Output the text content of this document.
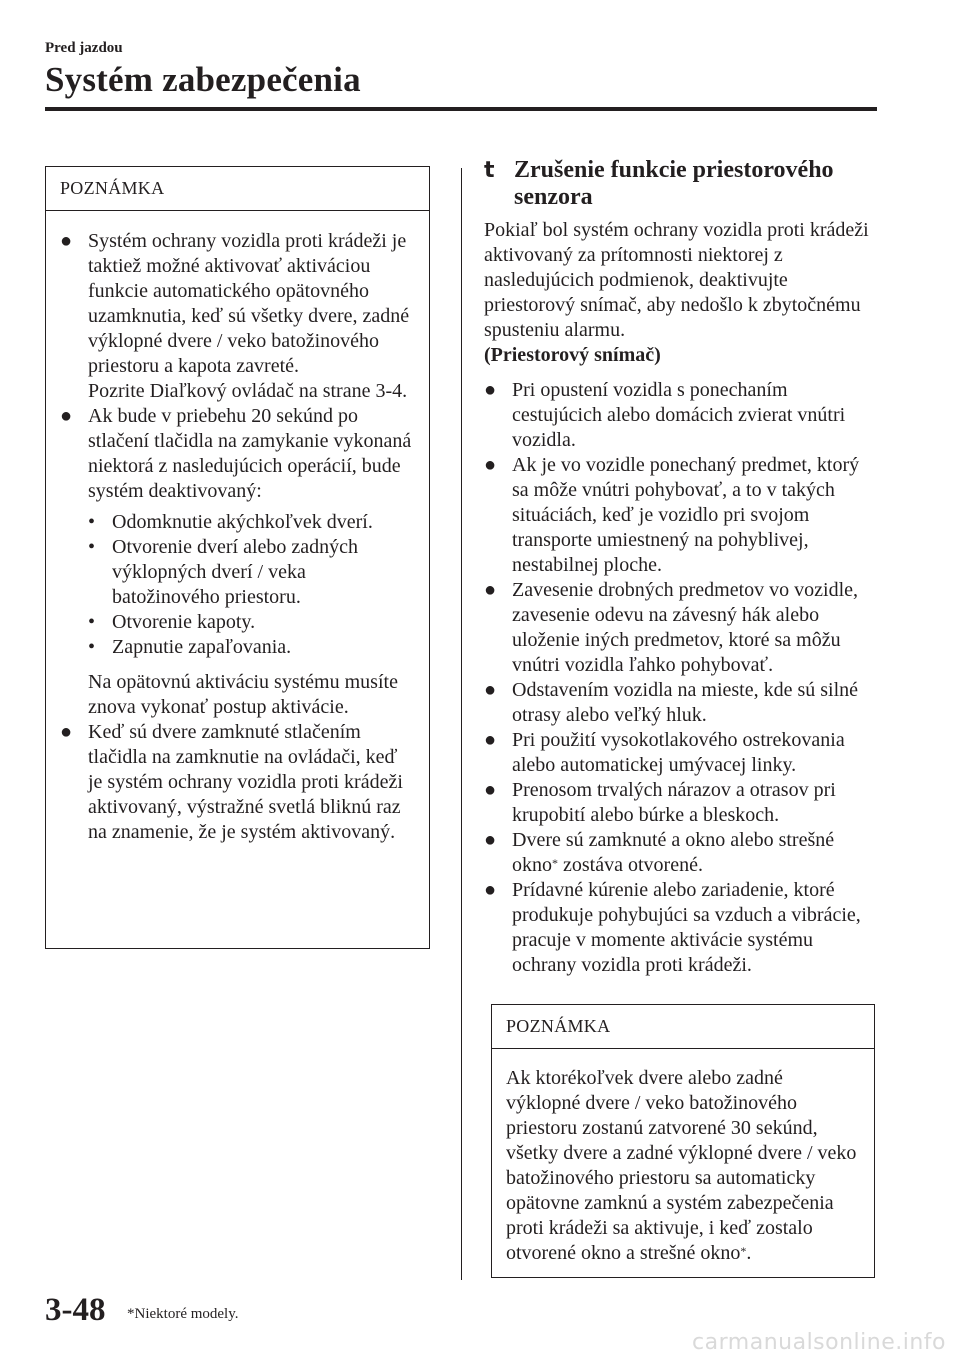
Pred jazdou
Systém zabezpečenia
POZNÁMKA
● Systém ochrany vozidla proti krádeži je taktiež možné aktivovať aktiváciou funkcie automatického opätovného uzamknutia, keď sú všetky dvere, zadné výklopné dvere / veko batožinového priestoru a kapota zavreté.
Pozrite Diaľkový ovládač na strane 3-4.
● Ak bude v priebehu 20 sekúnd po stlačení tlačidla na zamykanie vykonaná niektorá z nasledujúcich operácií, bude systém deaktivovaný:
• Odomknutie akýchkoľvek dverí.
• Otvorenie dverí alebo zadných výklopných dverí / veka batožinového priestoru.
• Otvorenie kapoty.
• Zapnutie zapaľovania.
Na opätovnú aktiváciu systému musíte znova vykonať postup aktivácie.
● Keď sú dvere zamknuté stlačením tlačidla na zamknutie na ovládači, keď je systém ochrany vozidla proti krádeži aktivovaný, výstražné svetlá bliknú raz na znamenie, že je systém aktivovaný.
t Zrušenie funkcie priestorového senzora
Pokiaľ bol systém ochrany vozidla proti krádeži aktivovaný za prítomnosti niektorej z nasledujúcich podmienok, deaktivujte priestorový snímač, aby nedošlo k zbytočnému spusteniu alarmu.
(Priestorový snímač)
● Pri opustení vozidla s ponechaním cestujúcich alebo domácich zvierat vnútri vozidla.
● Ak je vo vozidle ponechaný predmet, ktorý sa môže vnútri pohybovať, a to v takých situáciách, keď je vozidlo pri svojom transporte umiestnený na pohyblivej, nestabilnej ploche.
● Zavesenie drobných predmetov vo vozidle, zavesenie odevu na závesný hák alebo uloženie iných predmetov, ktoré sa môžu vnútri vozidla ľahko pohybovať.
● Odstavením vozidla na mieste, kde sú silné otrasy alebo veľký hluk.
● Pri použití vysokotlakového ostrekovania alebo automatickej umývacej linky.
● Prenosom trvalých nárazov a otrasov pri krupobití alebo búrke a bleskoch.
● Dvere sú zamknuté a okno alebo strešné okno* zostáva otvorené.
● Prídavné kúrenie alebo zariadenie, ktoré produkuje pohybujúci sa vzduch a vibrácie, pracuje v momente aktivácie systému ochrany vozidla proti krádeži.
POZNÁMKA
Ak ktorékoľvek dvere alebo zadné výklopné dvere / veko batožinového priestoru zostanú zatvorené 30 sekúnd, všetky dvere a zadné výklopné dvere / veko batožinového priestoru sa automaticky opätovne zamknú a systém zabezpečenia proti krádeži sa aktivuje, i keď zostalo otvorené okno a strešné okno*.
3-48 *Niektoré modely.
carmanualsonline.info
